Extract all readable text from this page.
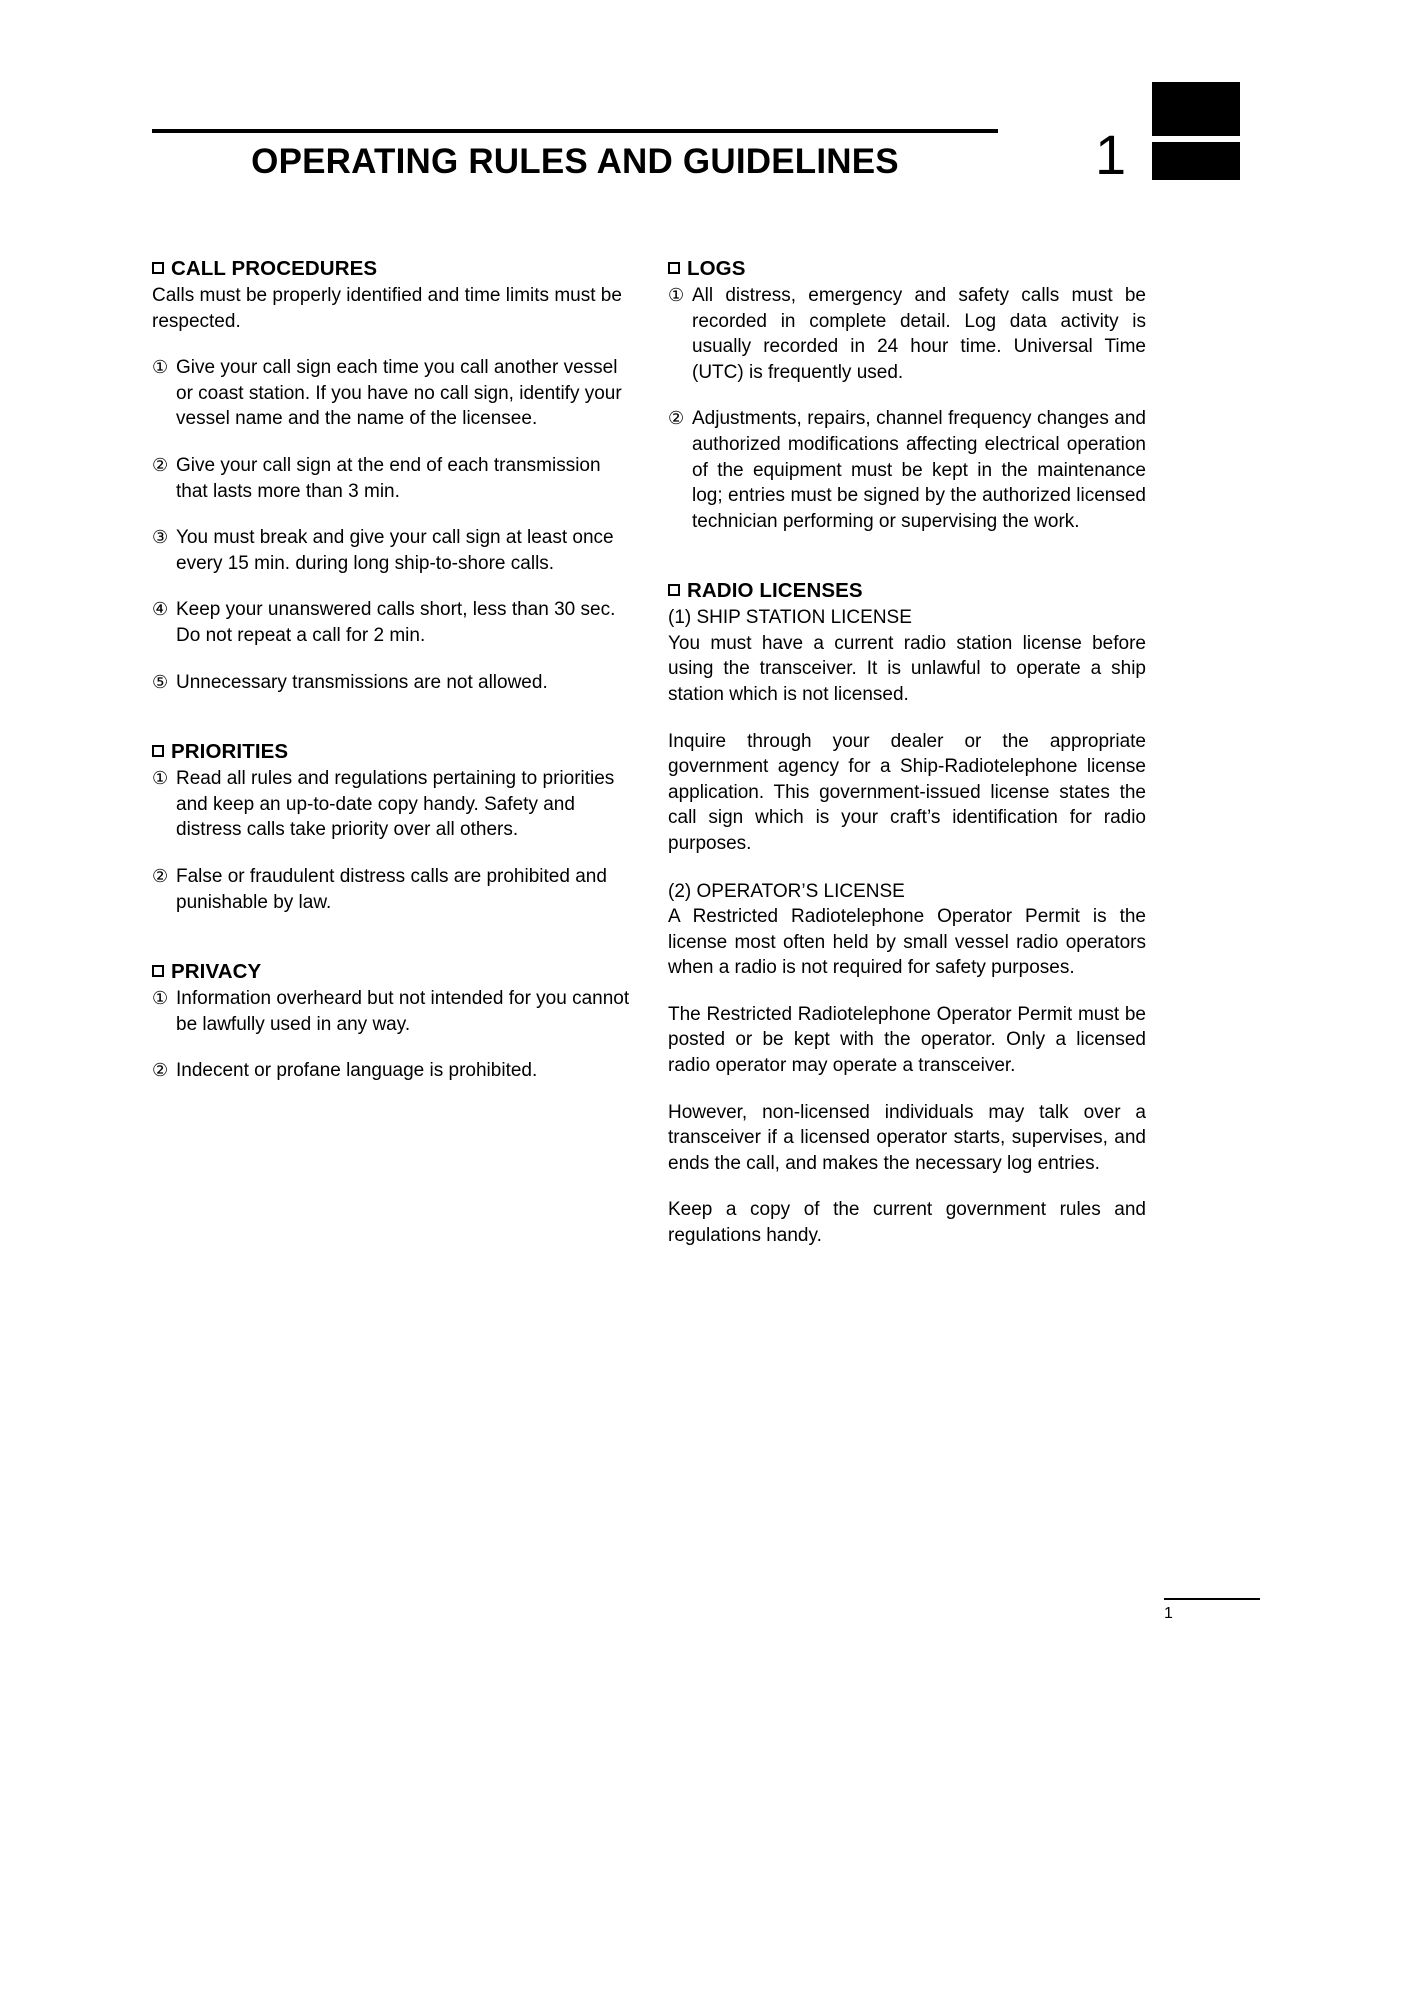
OPERATING RULES AND GUIDELINES	1
CALL PROCEDURES

Calls must be properly identified and time limits must be respected.

① Give your call sign each time you call another vessel or coast station. If you have no call sign, identify your vessel name and the name of the licensee.
② Give your call sign at the end of each transmission that lasts more than 3 min.
③ You must break and give your call sign at least once every 15 min. during long ship-to-shore calls.
④ Keep your unanswered calls short, less than 30 sec. Do not repeat a call for 2 min.
⑤ Unnecessary transmissions are not allowed.
PRIORITIES
① Read all rules and regulations pertaining to priorities and keep an up-to-date copy handy. Safety and distress calls take priority over all others.
② False or fraudulent distress calls are prohibited and punishable by law.
PRIVACY
① Information overheard but not intended for you cannot be lawfully used in any way.
② Indecent or profane language is prohibited.
LOGS
① All distress, emergency and safety calls must be recorded in complete detail. Log data activity is usually recorded in 24 hour time. Universal Time (UTC) is frequently used.
② Adjustments, repairs, channel frequency changes and authorized modifications affecting electrical operation of the equipment must be kept in the maintenance log; entries must be signed by the authorized licensed technician performing or supervising the work.
RADIO LICENSES
(1) SHIP STATION LICENSE

You must have a current radio station license before using the transceiver. It is unlawful to operate a ship station which is not licensed.

Inquire through your dealer or the appropriate government agency for a Ship-Radiotelephone license application. This government-issued license states the call sign which is your craft’s identification for radio purposes.

(2) OPERATOR’S LICENSE

A Restricted Radiotelephone Operator Permit is the license most often held by small vessel radio operators when a radio is not required for safety purposes.

The Restricted Radiotelephone Operator Permit must be posted or be kept with the operator. Only a licensed radio operator may operate a transceiver.

However, non-licensed individuals may talk over a transceiver if a licensed operator starts, supervises, and ends the call, and makes the necessary log entries.

Keep a copy of the current government rules and regulations handy.

1
